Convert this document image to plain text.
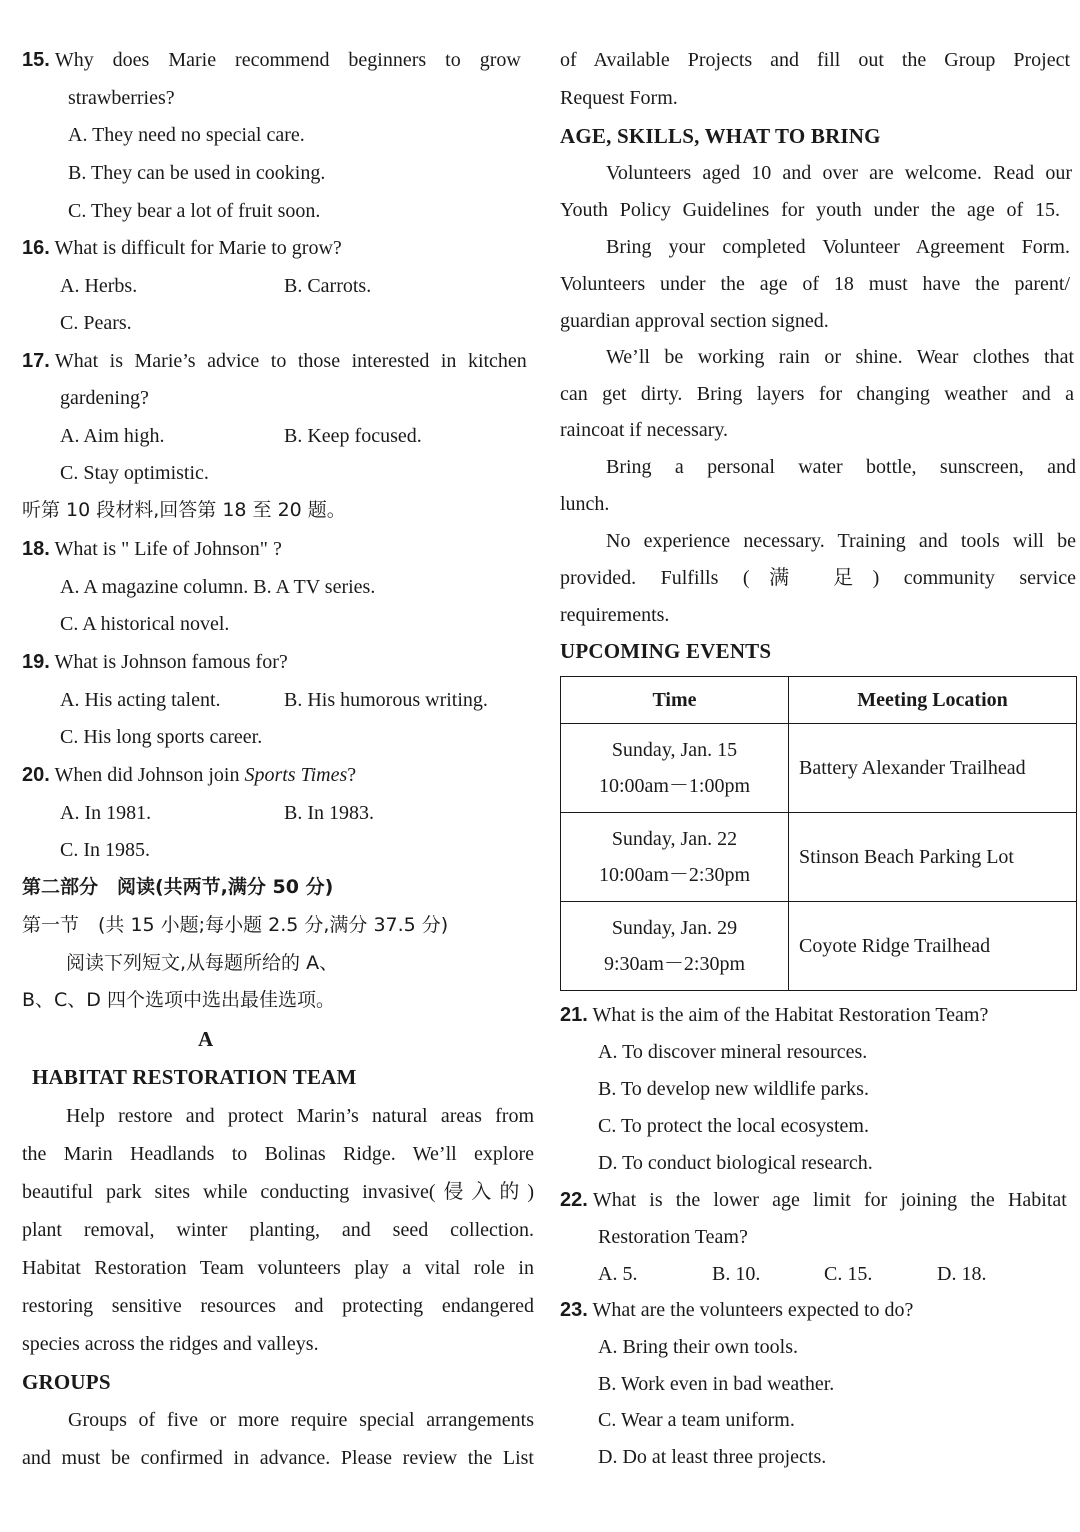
15. Why does Marie recommend beginners to grow
strawberries?
A. They need no special care.
B. They can be used in cooking.
C. They bear a lot of fruit soon.
16. What is difficult for Marie to grow?
A. Herbs.	B. Carrots.
C. Pears.
17. What is Marie’s advice to those interested in kitchen
gardening?
A. Aim high.	B. Keep focused.
C. Stay optimistic.
听第 10 段材料,回答第 18 至 20 题。
18. What is " Life of Johnson" ?
A. A magazine column. B. A TV series.
C. A historical novel.
19. What is Johnson famous for?
A. His acting talent.	B. His humorous writing.
C. His long sports career.
20. When did Johnson join Sports Times?
A. In 1981.	B. In 1983.
C. In 1985.
第二部分　阅读(共两节,满分 50 分)
第一节　(共 15 小题;每小题 2.5 分,满分 37.5 分)
阅读下列短文,从每题所给的 A、
B、C、D 四个选项中选出最佳选项。
A
HABITAT RESTORATION TEAM
Help restore and protect Marin’s natural areas from
the Marin Headlands to Bolinas Ridge. We’ll explore
beautiful park sites while conducting invasive(侵入的)
plant removal, winter planting, and seed collection.
Habitat Restoration Team volunteers play a vital role in
restoring sensitive resources and protecting endangered
species across the ridges and valleys.
GROUPS
Groups of five or more require special arrangements
and must be confirmed in advance. Please review the List
of Available Projects and fill out the Group Project
Request Form.
AGE, SKILLS, WHAT TO BRING
Volunteers aged 10 and over are welcome. Read our
Youth Policy Guidelines for youth under the age of 15.
Bring your completed Volunteer Agreement Form.
Volunteers under the age of 18 must have the parent/
guardian approval section signed.
We’ll be working rain or shine. Wear clothes that
can get dirty. Bring layers for changing weather and a
raincoat if necessary.
Bring a personal water bottle, sunscreen, and
lunch.
No experience necessary. Training and tools will be
provided. Fulfills (满 足) community service
requirements.
UPCOMING EVENTS
Time	Meeting Location

Sunday, Jan. 15
10:00am－1:00pm	Battery Alexander Trailhead

Sunday, Jan. 22
10:00am－2:30pm	Stinson Beach Parking Lot

Sunday, Jan. 29
9:30am－2:30pm	Coyote Ridge Trailhead
21. What is the aim of the Habitat Restoration Team?
A. To discover mineral resources.
B. To develop new wildlife parks.
C. To protect the local ecosystem.
D. To conduct biological research.
22. What is the lower age limit for joining the Habitat
Restoration Team?
A. 5.	B. 10.	C. 15.	D. 18.
23. What are the volunteers expected to do?
A. Bring their own tools.
B. Work even in bad weather.
C. Wear a team uniform.
D. Do at least three projects.
